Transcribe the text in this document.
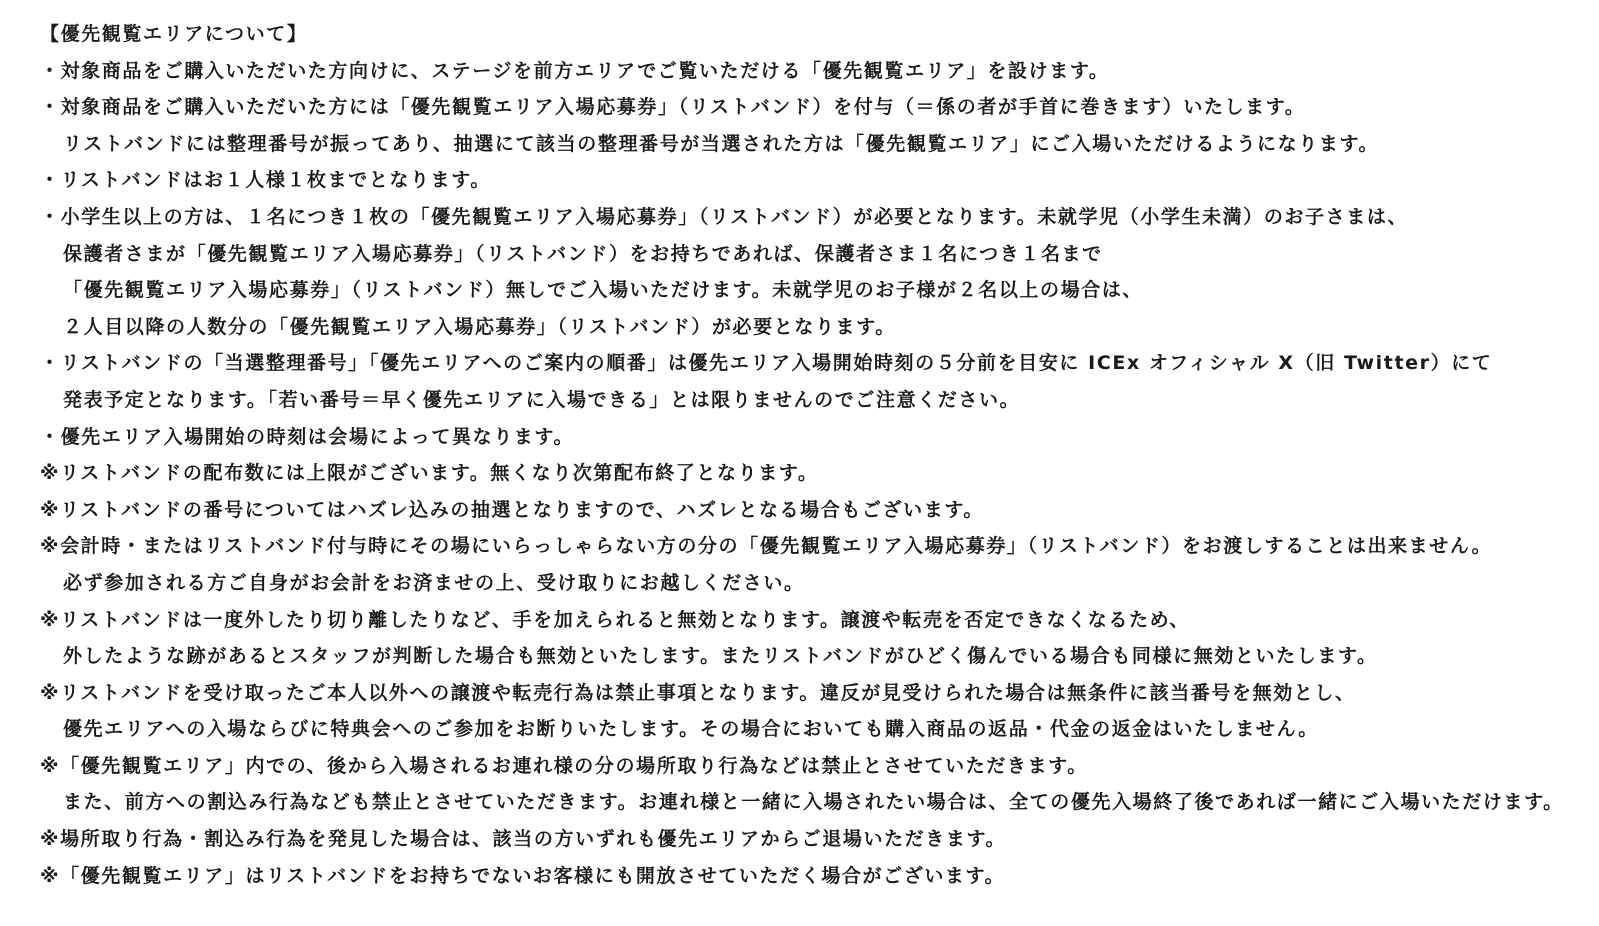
【優先観覧エリアについて】
・対象商品をご購入いただいた方向けに、ステージを前方エリアでご覧いただける「優先観覧エリア」を設けます。
・対象商品をご購入いただいた方には「優先観覧エリア入場応募券」（リストバンド）を付与（＝係の者が手首に巻きます）いたします。
リストバンドには整理番号が振ってあり、抽選にて該当の整理番号が当選された方は「優先観覧エリア」にご入場いただけるようになります。
・リストバンドはお１人様１枚までとなります。
・小学生以上の方は、１名につき１枚の「優先観覧エリア入場応募券」（リストバンド）が必要となります。未就学児（小学生未満）のお子さまは、
保護者さまが「優先観覧エリア入場応募券」（リストバンド）をお持ちであれば、保護者さま１名につき１名まで
「優先観覧エリア入場応募券」（リストバンド）無しでご入場いただけます。未就学児のお子様が２名以上の場合は、
２人目以降の人数分の「優先観覧エリア入場応募券」（リストバンド）が必要となります。
・リストバンドの「当選整理番号」「優先エリアへのご案内の順番」は優先エリア入場開始時刻の５分前を目安に ICEx オフィシャル X（旧 Twitter）にて
発表予定となります。「若い番号＝早く優先エリアに入場できる」とは限りませんのでご注意ください。
・優先エリア入場開始の時刻は会場によって異なります。
※リストバンドの配布数には上限がございます。無くなり次第配布終了となります。
※リストバンドの番号についてはハズレ込みの抽選となりますので、ハズレとなる場合もございます。
※会計時・またはリストバンド付与時にその場にいらっしゃらない方の分の「優先観覧エリア入場応募券」（リストバンド）をお渡しすることは出来ません。
必ず参加される方ご自身がお会計をお済ませの上、受け取りにお越しください。
※リストバンドは一度外したり切り離したりなど、手を加えられると無効となります。譲渡や転売を否定できなくなるため、
外したような跡があるとスタッフが判断した場合も無効といたします。またリストバンドがひどく傷んでいる場合も同様に無効といたします。
※リストバンドを受け取ったご本人以外への譲渡や転売行為は禁止事項となります。違反が見受けられた場合は無条件に該当番号を無効とし、
優先エリアへの入場ならびに特典会へのご参加をお断りいたします。その場合においても購入商品の返品・代金の返金はいたしません。
※「優先観覧エリア」内での、後から入場されるお連れ様の分の場所取り行為などは禁止とさせていただきます。
また、前方への割込み行為なども禁止とさせていただきます。お連れ様と一緒に入場されたい場合は、全ての優先入場終了後であれば一緒にご入場いただけます。
※場所取り行為・割込み行為を発見した場合は、該当の方いずれも優先エリアからご退場いただきます。
※「優先観覧エリア」はリストバンドをお持ちでないお客様にも開放させていただく場合がございます。
